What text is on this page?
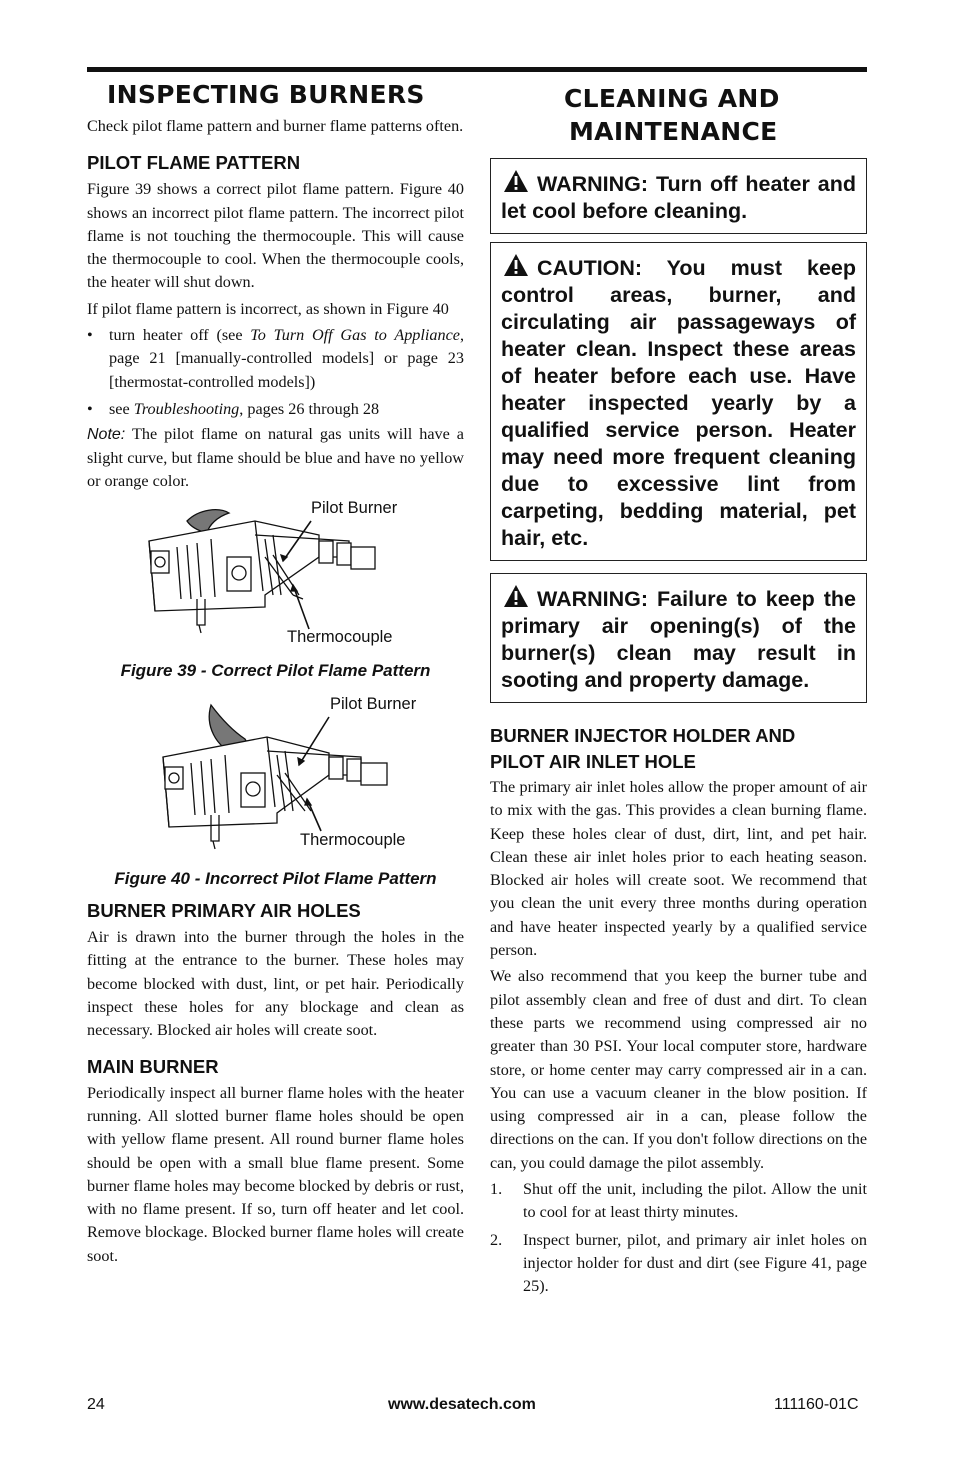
INSPECTING BURNERS

Check pilot flame pattern and burner flame patterns often.

PILOT FLAME PATTERN

Figure 39 shows a correct pilot flame pattern. Figure 40 shows an incorrect pilot flame pattern. The incorrect pilot flame is not touching the thermocouple. This will cause the thermocouple to cool. When the thermocouple cools, the heater will shut down.

If pilot flame pattern is incorrect, as shown in Figure 40

• turn heater off (see To Turn Off Gas to Appliance, page 21 [manually-controlled models] or page 23 [thermostat-controlled models])
• see Troubleshooting, pages 26 through 28

Note: The pilot flame on natural gas units will have a slight curve, but flame should be blue and have no yellow or orange color.

Pilot Burner
Thermocouple

Figure 39 - Correct Pilot Flame Pattern

Pilot Burner
Thermocouple

Figure 40 - Incorrect Pilot Flame Pattern

BURNER PRIMARY AIR HOLES

Air is drawn into the burner through the holes in the fitting at the entrance to the burner. These holes may become blocked with dust, lint, or pet hair. Periodically inspect these holes for any blockage and clean as necessary. Blocked air holes will create soot.

MAIN BURNER

Periodically inspect all burner flame holes with the heater running. All slotted burner flame holes should be open with yellow flame present. All round burner flame holes should be open with a small blue flame present. Some burner flame holes may become blocked by debris or rust, with no flame present. If so, turn off heater and let cool. Remove blockage. Blocked burner flame holes will create soot.

CLEANING AND
MAINTENANCE
WARNING: Turn off heater and let cool before cleaning.
CAUTION: You must keep control areas, burner, and circulating air passageways of heater clean. Inspect these areas of heater before each use. Have heater inspected yearly by a qualified service person. Heater may need more frequent cleaning due to excessive lint from carpeting, bedding material, pet hair, etc.
WARNING: Failure to keep the primary air opening(s) of the burner(s) clean may result in sooting and property damage.
BURNER INJECTOR HOLDER AND
PILOT AIR INLET HOLE

The primary air inlet holes allow the proper amount of air to mix with the gas. This provides a clean burning flame. Keep these holes clear of dust, dirt, lint, and pet hair. Clean these air inlet holes prior to each heating season. Blocked air holes will create soot. We recommend that you clean the unit every three months during operation and have heater inspected yearly by a qualified service person.

We also recommend that you keep the burner tube and pilot assembly clean and free of dust and dirt. To clean these parts we recommend using compressed air no greater than 30 PSI. Your local computer store, hardware store, or home center may carry compressed air in a can. You can use a vacuum cleaner in the blow position. If using compressed air in a can, please follow the directions on the can. If you don't follow directions on the can, you could damage the pilot assembly.

1. Shut off the unit, including the pilot. Allow the unit to cool for at least thirty minutes.
2. Inspect burner, pilot, and primary air inlet holes on injector holder for dust and dirt (see Figure 41, page 25).
24	www.desatech.com	111160-01C
